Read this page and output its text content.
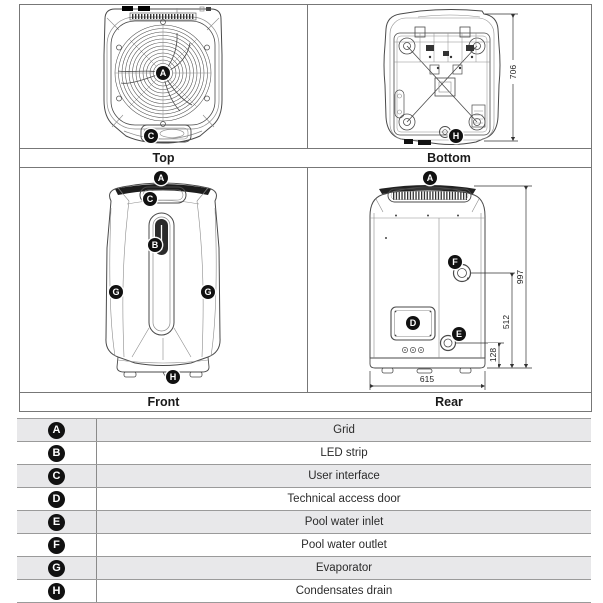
A
C	H
706
Top	Bottom
A
C
B
G	G
H
A
F
D
E
997
512
128
615
Front	Rear
A	Grid
B	LED strip
C	User interface
D	Technical access door
E	Pool water inlet
F	Pool water outlet
G	Evaporator
H	Condensates drain
